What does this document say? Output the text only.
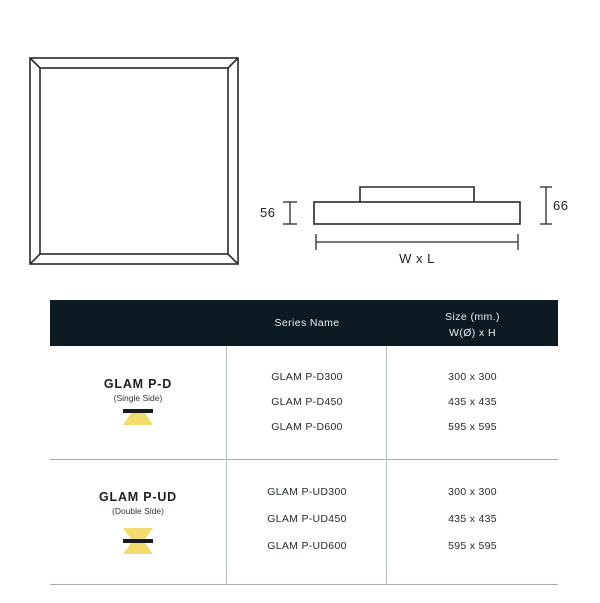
56	66
W x L
Series Name	Size (mm.)
W(Ø) x H
GLAM P-D
(Single Side)
GLAM P-D300	300 x 300
GLAM P-D450	435 x 435
GLAM P-D600	595 x 595
GLAM P-UD
(Double Side)
GLAM P-UD300	300 x 300
GLAM P-UD450	435 x 435
GLAM P-UD600	595 x 595
